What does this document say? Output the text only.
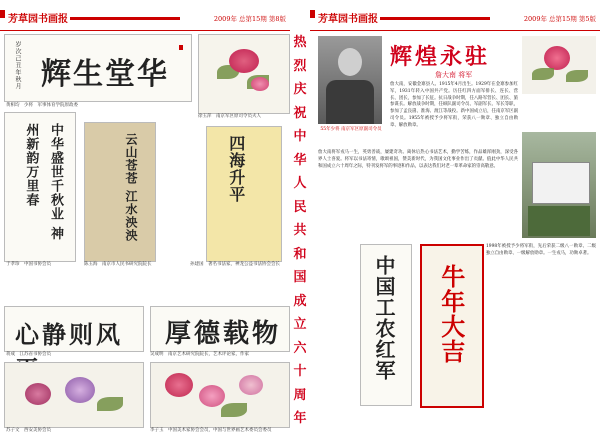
芳草园书画报	2009年 总第15期 第8版
辉生堂华
岁次己丑年秋月
黄相均　少将　军事体育学院原政委
徐玉萍　南京军区原司令员夫人
中华盛世千秋业 神州新韵万里春
于孝珍　中国书协会员
云山苍苍 江水泱泱
陈玉海　南京市人民书研究院院长
四海升平
孙建国　著名书法家，神龙公益书法协会会长
心静则风
蒋成　江苏省书协会员
厚德载物
吴成明　南京艺术研究院院长，艺术评论家，作家
苏子文　西安美协会员	李子玉　中国美术家协会会员，中国与世界画艺术委员会委员
热
烈
庆
祝
中
华
人
民
共
和
国
成
立
六
十
周
年
芳草园书画报	2009年 总第15期 第5版
55年少将 南京军区原副司令员
辉煌永驻
詹大南 将军
詹大南，安徽金寨县人。1915年4月出生。1929年在金寨参加红军，1931年转入中国共产党。历任红四方面军排长、连长、营长、团长，参加了长征。抗日战争时期，任八路军营长、团长、旅参谋长。解放战争时期，任纵队副司令员、军副军长、军长等职，参加了孟良崮、淮海、渡江等战役。新中国成立后，任南京军区副司令员。1955年被授予少将军衔，荣获八一勋章、独立自由勋章、解放勋章。
詹大南将军戎马一生，英勇善战，屡建奇功。离休后热心书法艺术，勤学苦练，作品雄浑刚劲，深受各界人士喜爱。将军以书法寄情，歌颂祖国，赞美新时代，为我国文化事业作出了贡献。值此中华人民共和国成立六十周年之际，特刊发将军的事迹和作品，以表达我们对老一辈革命家的崇高敬意。
中国工农红军 牛年大吉
1998年被授予少将军衔，先后荣获二级八一勋章、二级独立自由勋章、一级解放勋章。一生戎马，功勋卓著。
